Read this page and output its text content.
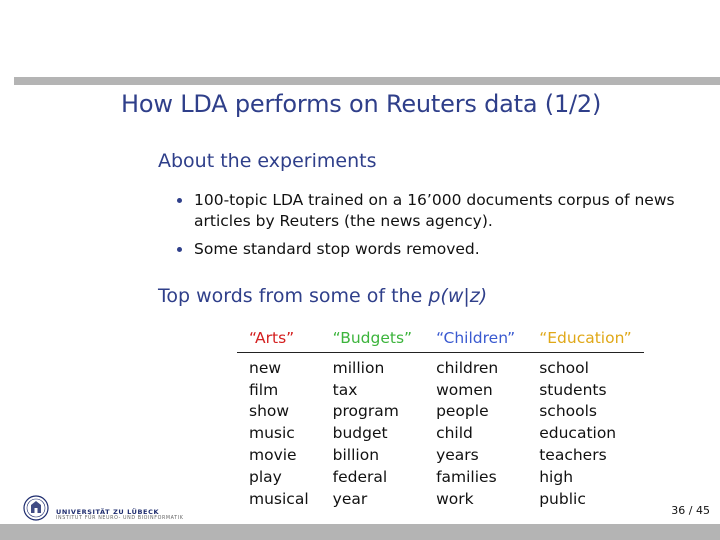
How LDA performs on Reuters data (1/2)
About the experiments
100-topic LDA trained on a 16’000 documents corpus of news articles by Reuters (the news agency).
Some standard stop words removed.
Top words from some of the p(w|z)
“Arts”	“Budgets”	“Children”	“Education”
new	million	children	school
film	tax	women	students
show	program	people	schools
music	budget	child	education
movie	billion	years	teachers
play	federal	families	high
musical	year	work	public
UNIVERSITÄT ZU LÜBECK
INSTITUT FÜR NEURO- UND BIOINFORMATIK
36 / 45
